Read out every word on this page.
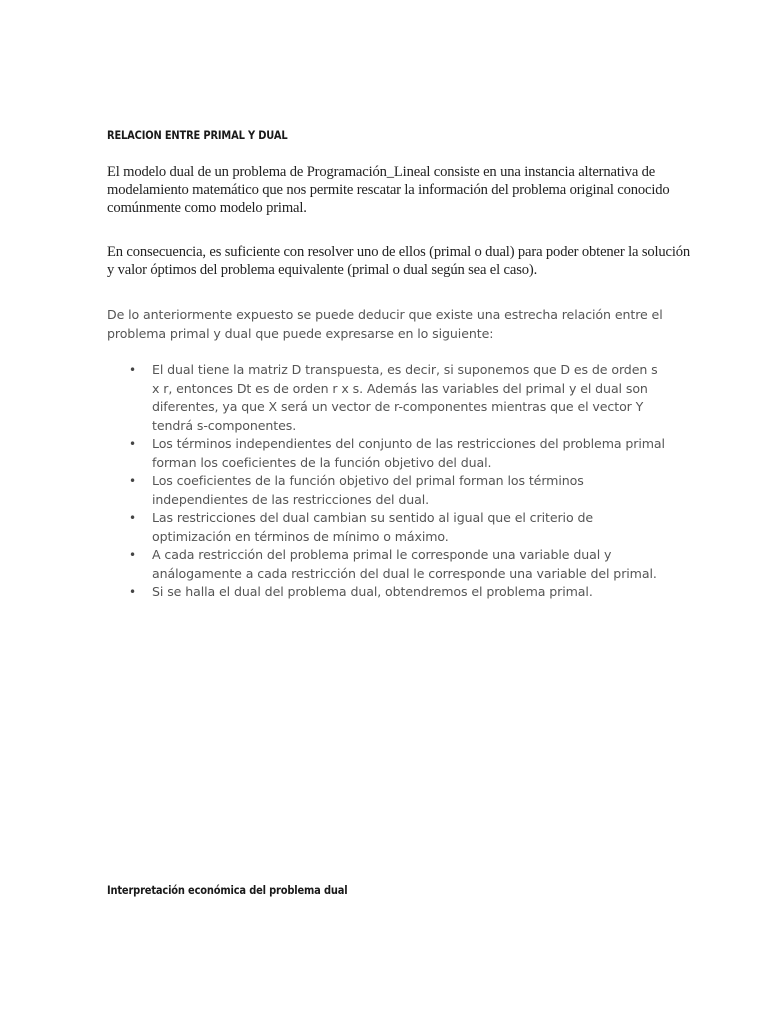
RELACION ENTRE PRIMAL Y DUAL

El modelo dual de un problema de Programación_Lineal consiste en una instancia alternativa de modelamiento matemático que nos permite rescatar la información del problema original conocido comúnmente como modelo primal.

En consecuencia, es suficiente con resolver uno de ellos (primal o dual) para poder obtener la solución y valor óptimos del problema equivalente (primal o dual según sea el caso).

De lo anteriormente expuesto se puede deducir que existe una estrecha relación entre el problema primal y dual que puede expresarse en lo siguiente:

• El dual tiene la matriz D transpuesta, es decir, si suponemos que D es de orden s x r, entonces Dt es de orden r x s. Además las variables del primal y el dual son diferentes, ya que X será un vector de r-componentes mientras que el vector Y tendrá s-componentes.
• Los términos independientes del conjunto de las restricciones del problema primal forman los coeficientes de la función objetivo del dual.
• Los coeficientes de la función objetivo del primal forman los términos independientes de las restricciones del dual.
• Las restricciones del dual cambian su sentido al igual que el criterio de optimización en términos de mínimo o máximo.
• A cada restricción del problema primal le corresponde una variable dual y análogamente a cada restricción del dual le corresponde una variable del primal.
• Si se halla el dual del problema dual, obtendremos el problema primal.
Interpretación económica del problema dual
